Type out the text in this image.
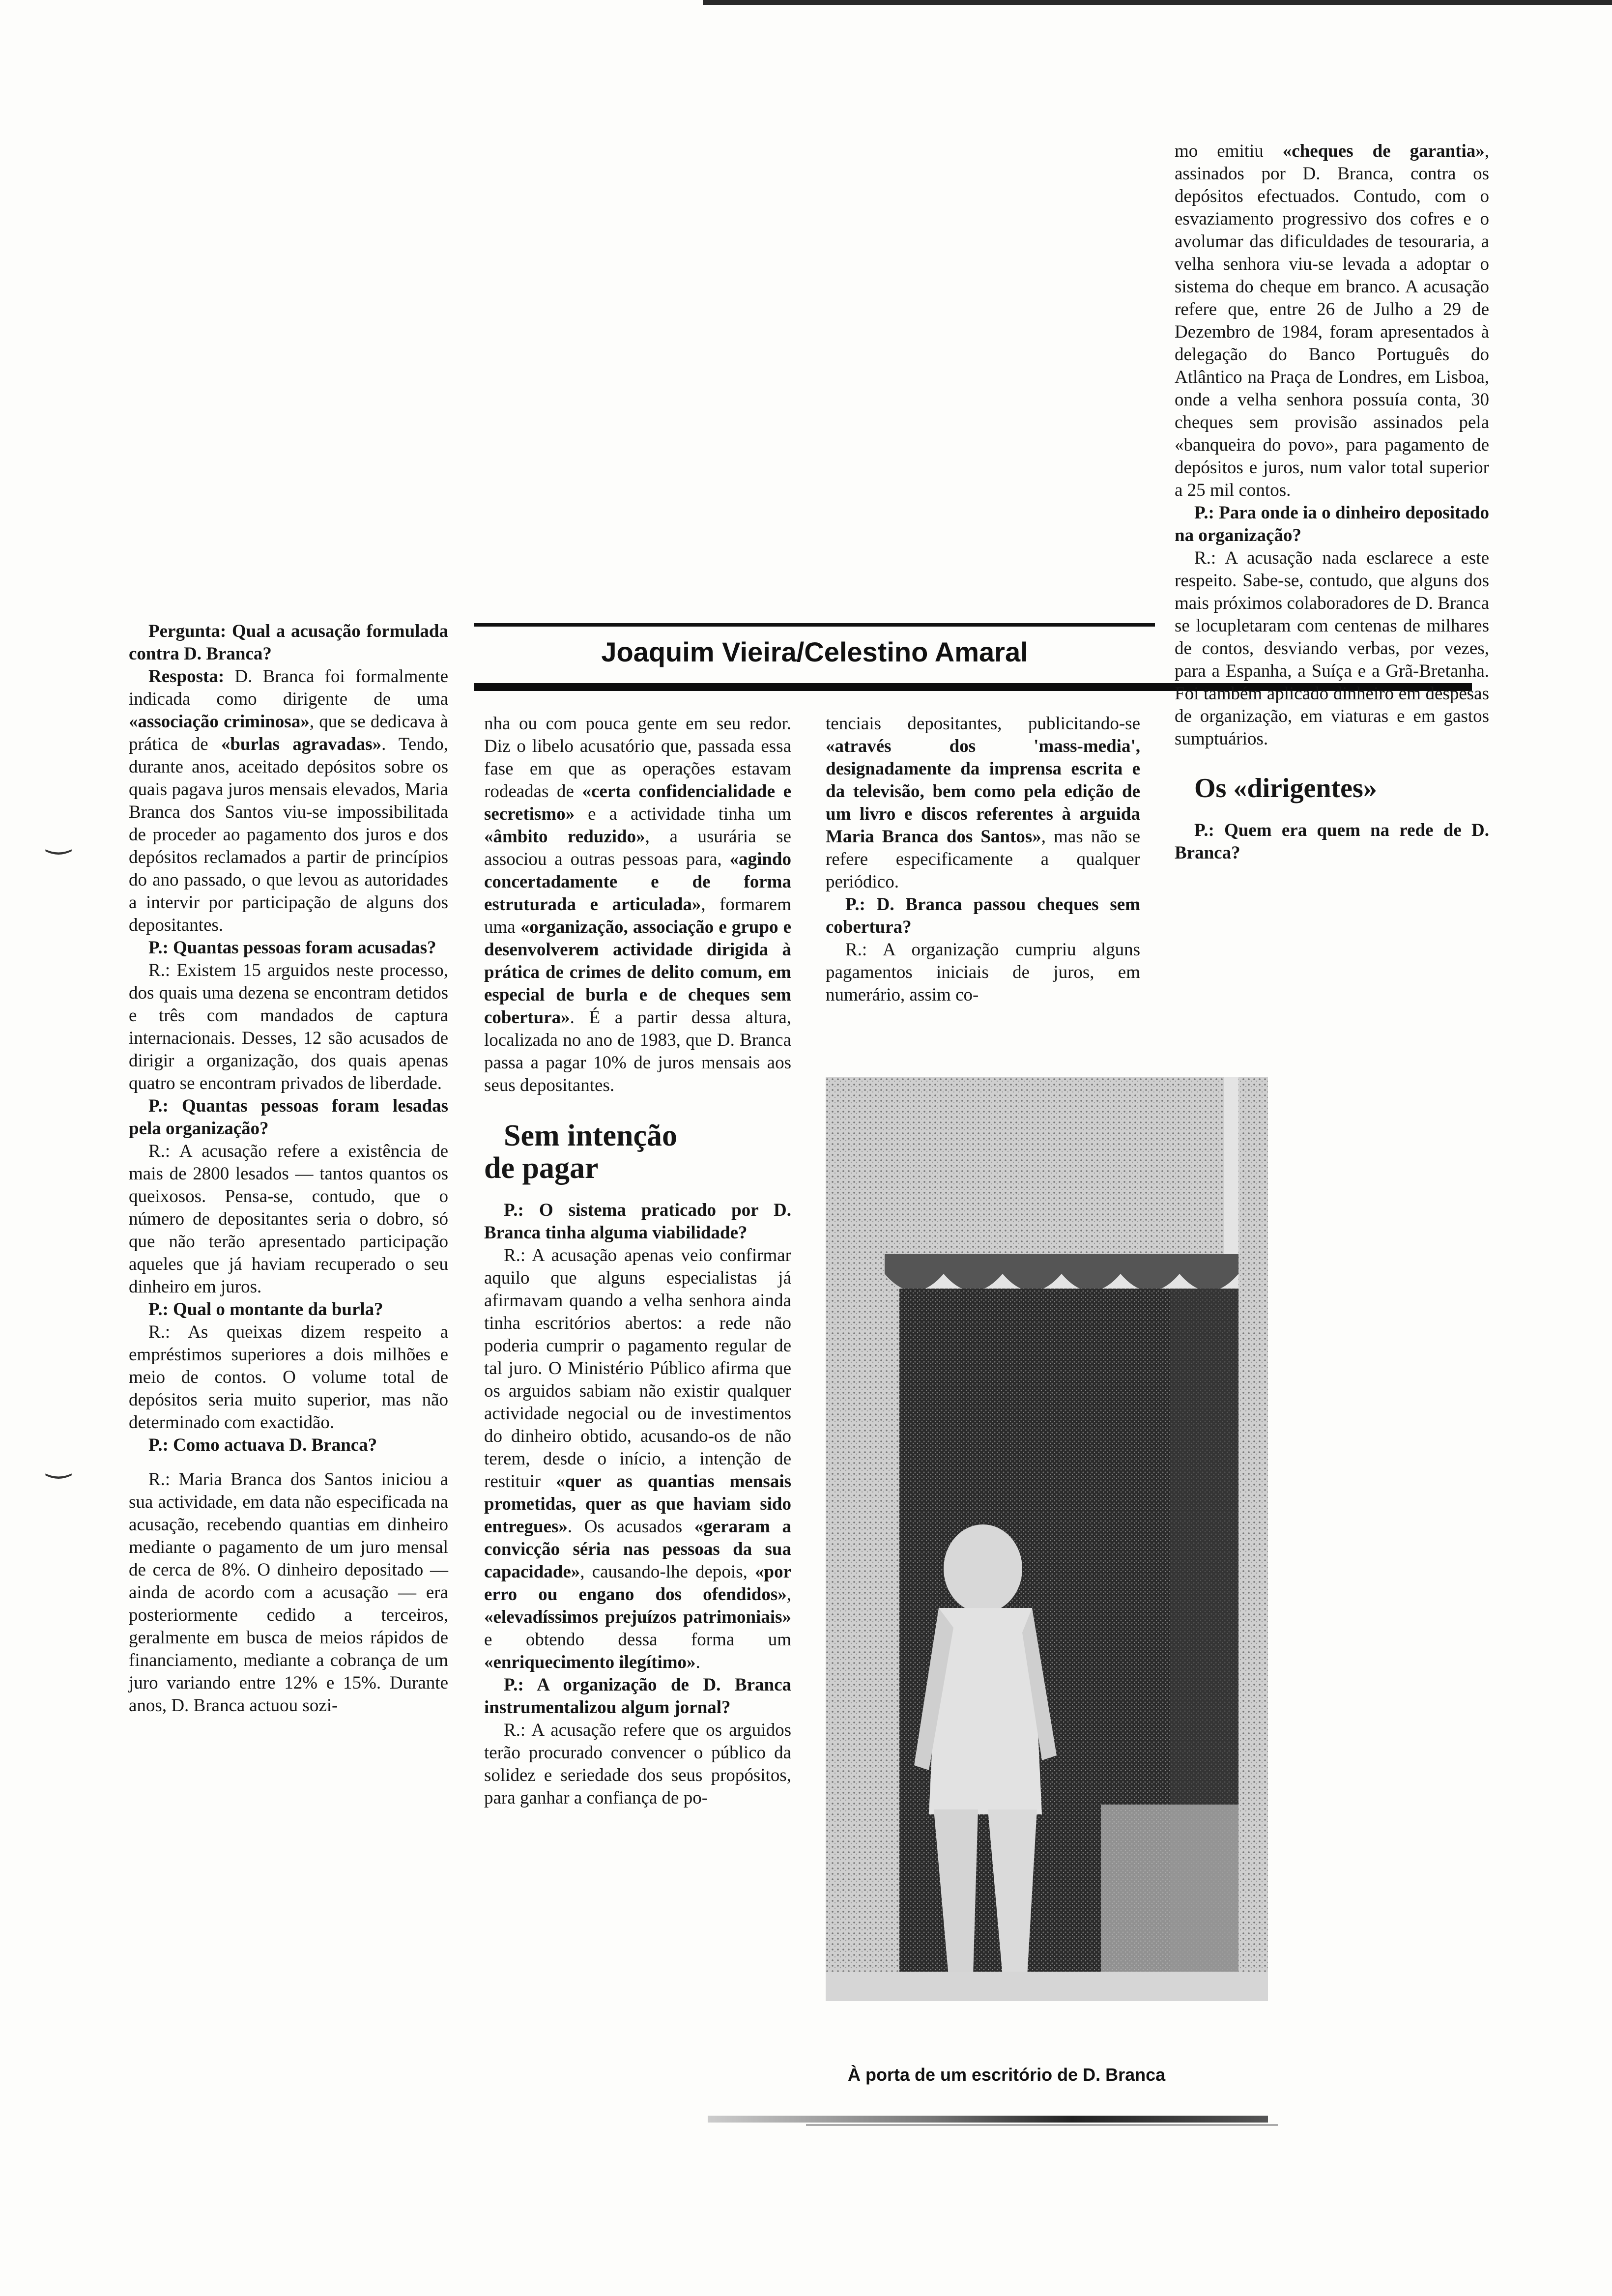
‿
‿

Pergunta: Qual a acusação formulada contra D. Branca?

Resposta: D. Branca foi formalmente indicada como dirigente de uma «associação criminosa», que se dedicava à prática de «burlas agravadas». Tendo, durante anos, aceitado depósitos sobre os quais pagava juros mensais elevados, Maria Branca dos Santos viu-se impossibilitada de proceder ao pagamento dos juros e dos depósitos reclamados a partir de princípios do ano passado, o que levou as autoridades a intervir por participação de alguns dos depositantes.

P.: Quantas pessoas foram acusadas?

R.: Existem 15 arguidos neste processo, dos quais uma dezena se encontram detidos e três com mandados de captura internacionais. Desses, 12 são acusados de dirigir a organização, dos quais apenas quatro se encontram privados de liberdade.

P.: Quantas pessoas foram lesadas pela organização?

R.: A acusação refere a existência de mais de 2800 lesados — tantos quantos os queixosos. Pensa-se, contudo, que o número de depositantes seria o dobro, só que não terão apresentado participação aqueles que já haviam recuperado o seu dinheiro em juros.

P.: Qual o montante da burla?

R.: As queixas dizem respeito a empréstimos superiores a dois milhões e meio de contos. O volume total de depósitos seria muito superior, mas não determinado com exactidão.

P.: Como actuava D. Branca?

R.: Maria Branca dos Santos iniciou a sua actividade, em data não especificada na acusação, recebendo quantias em dinheiro mediante o pagamento de um juro mensal de cerca de 8%. O dinheiro depositado — ainda de acordo com a acusação — era posteriormente cedido a terceiros, geralmente em busca de meios rápidos de financiamento, mediante a cobrança de um juro variando entre 12% e 15%. Durante anos, D. Branca actuou sozi-

Joaquim Vieira/Celestino Amaral

nha ou com pouca gente em seu redor. Diz o libelo acusatório que, passada essa fase em que as operações estavam rodeadas de «certa confidencialidade e secretismo» e a actividade tinha um «âmbito reduzido», a usurária se associou a outras pessoas para, «agindo concertadamente e de forma estruturada e articulada», formarem uma «organização, associação e grupo e desenvolverem actividade dirigida à prática de crimes de delito comum, em especial de burla e de cheques sem cobertura». É a partir dessa altura, localizada no ano de 1983, que D. Branca passa a pagar 10% de juros mensais aos seus depositantes.

Sem intenção
de pagar

P.: O sistema praticado por D. Branca tinha alguma viabilidade?

R.: A acusação apenas veio confirmar aquilo que alguns especialistas já afirmavam quando a velha senhora ainda tinha escritórios abertos: a rede não poderia cumprir o pagamento regular de tal juro. O Ministério Público afirma que os arguidos sabiam não existir qualquer actividade negocial ou de investimentos do dinheiro obtido, acusando-os de não terem, desde o início, a intenção de restituir «quer as quantias mensais prometidas, quer as que haviam sido entregues». Os acusados «geraram a convicção séria nas pessoas da sua capacidade», causando-lhe depois, «por erro ou engano dos ofendidos», «elevadíssimos prejuízos patrimoniais» e obtendo dessa forma um «enriquecimento ilegítimo».

P.: A organização de D. Branca instrumentalizou algum jornal?

R.: A acusação refere que os arguidos terão procurado convencer o público da solidez e seriedade dos seus propósitos, para ganhar a confiança de po-

tenciais depositantes, publicitando-se «através dos 'mass-media', designadamente da imprensa escrita e da televisão, bem como pela edição de um livro e discos referentes à arguida Maria Branca dos Santos», mas não se refere especificamente a qualquer periódico.

P.: D. Branca passou cheques sem cobertura?

R.: A organização cumpriu alguns pagamentos iniciais de juros, em numerário, assim co-

À porta de um escritório de D. Branca

mo emitiu «cheques de garantia», assinados por D. Branca, contra os depósitos efectuados. Contudo, com o esvaziamento progressivo dos cofres e o avolumar das dificuldades de tesouraria, a velha senhora viu-se levada a adoptar o sistema do cheque em branco. A acusação refere que, entre 26 de Julho a 29 de Dezembro de 1984, foram apresentados à delegação do Banco Português do Atlântico na Praça de Londres, em Lisboa, onde a velha senhora possuía conta, 30 cheques sem provisão assinados pela «banqueira do povo», para pagamento de depósitos e juros, num valor total superior a 25 mil contos.

P.: Para onde ia o dinheiro depositado na organização?

R.: A acusação nada esclarece a este respeito. Sabe-se, contudo, que alguns dos mais próximos colaboradores de D. Branca se locupletaram com centenas de milhares de contos, desviando verbas, por vezes, para a Espanha, a Suíça e a Grã-Bretanha. Foi também aplicado dinheiro em despesas de organização, em viaturas e em gastos sumptuários.

Os «dirigentes»

P.: Quem era quem na rede de D. Branca?
